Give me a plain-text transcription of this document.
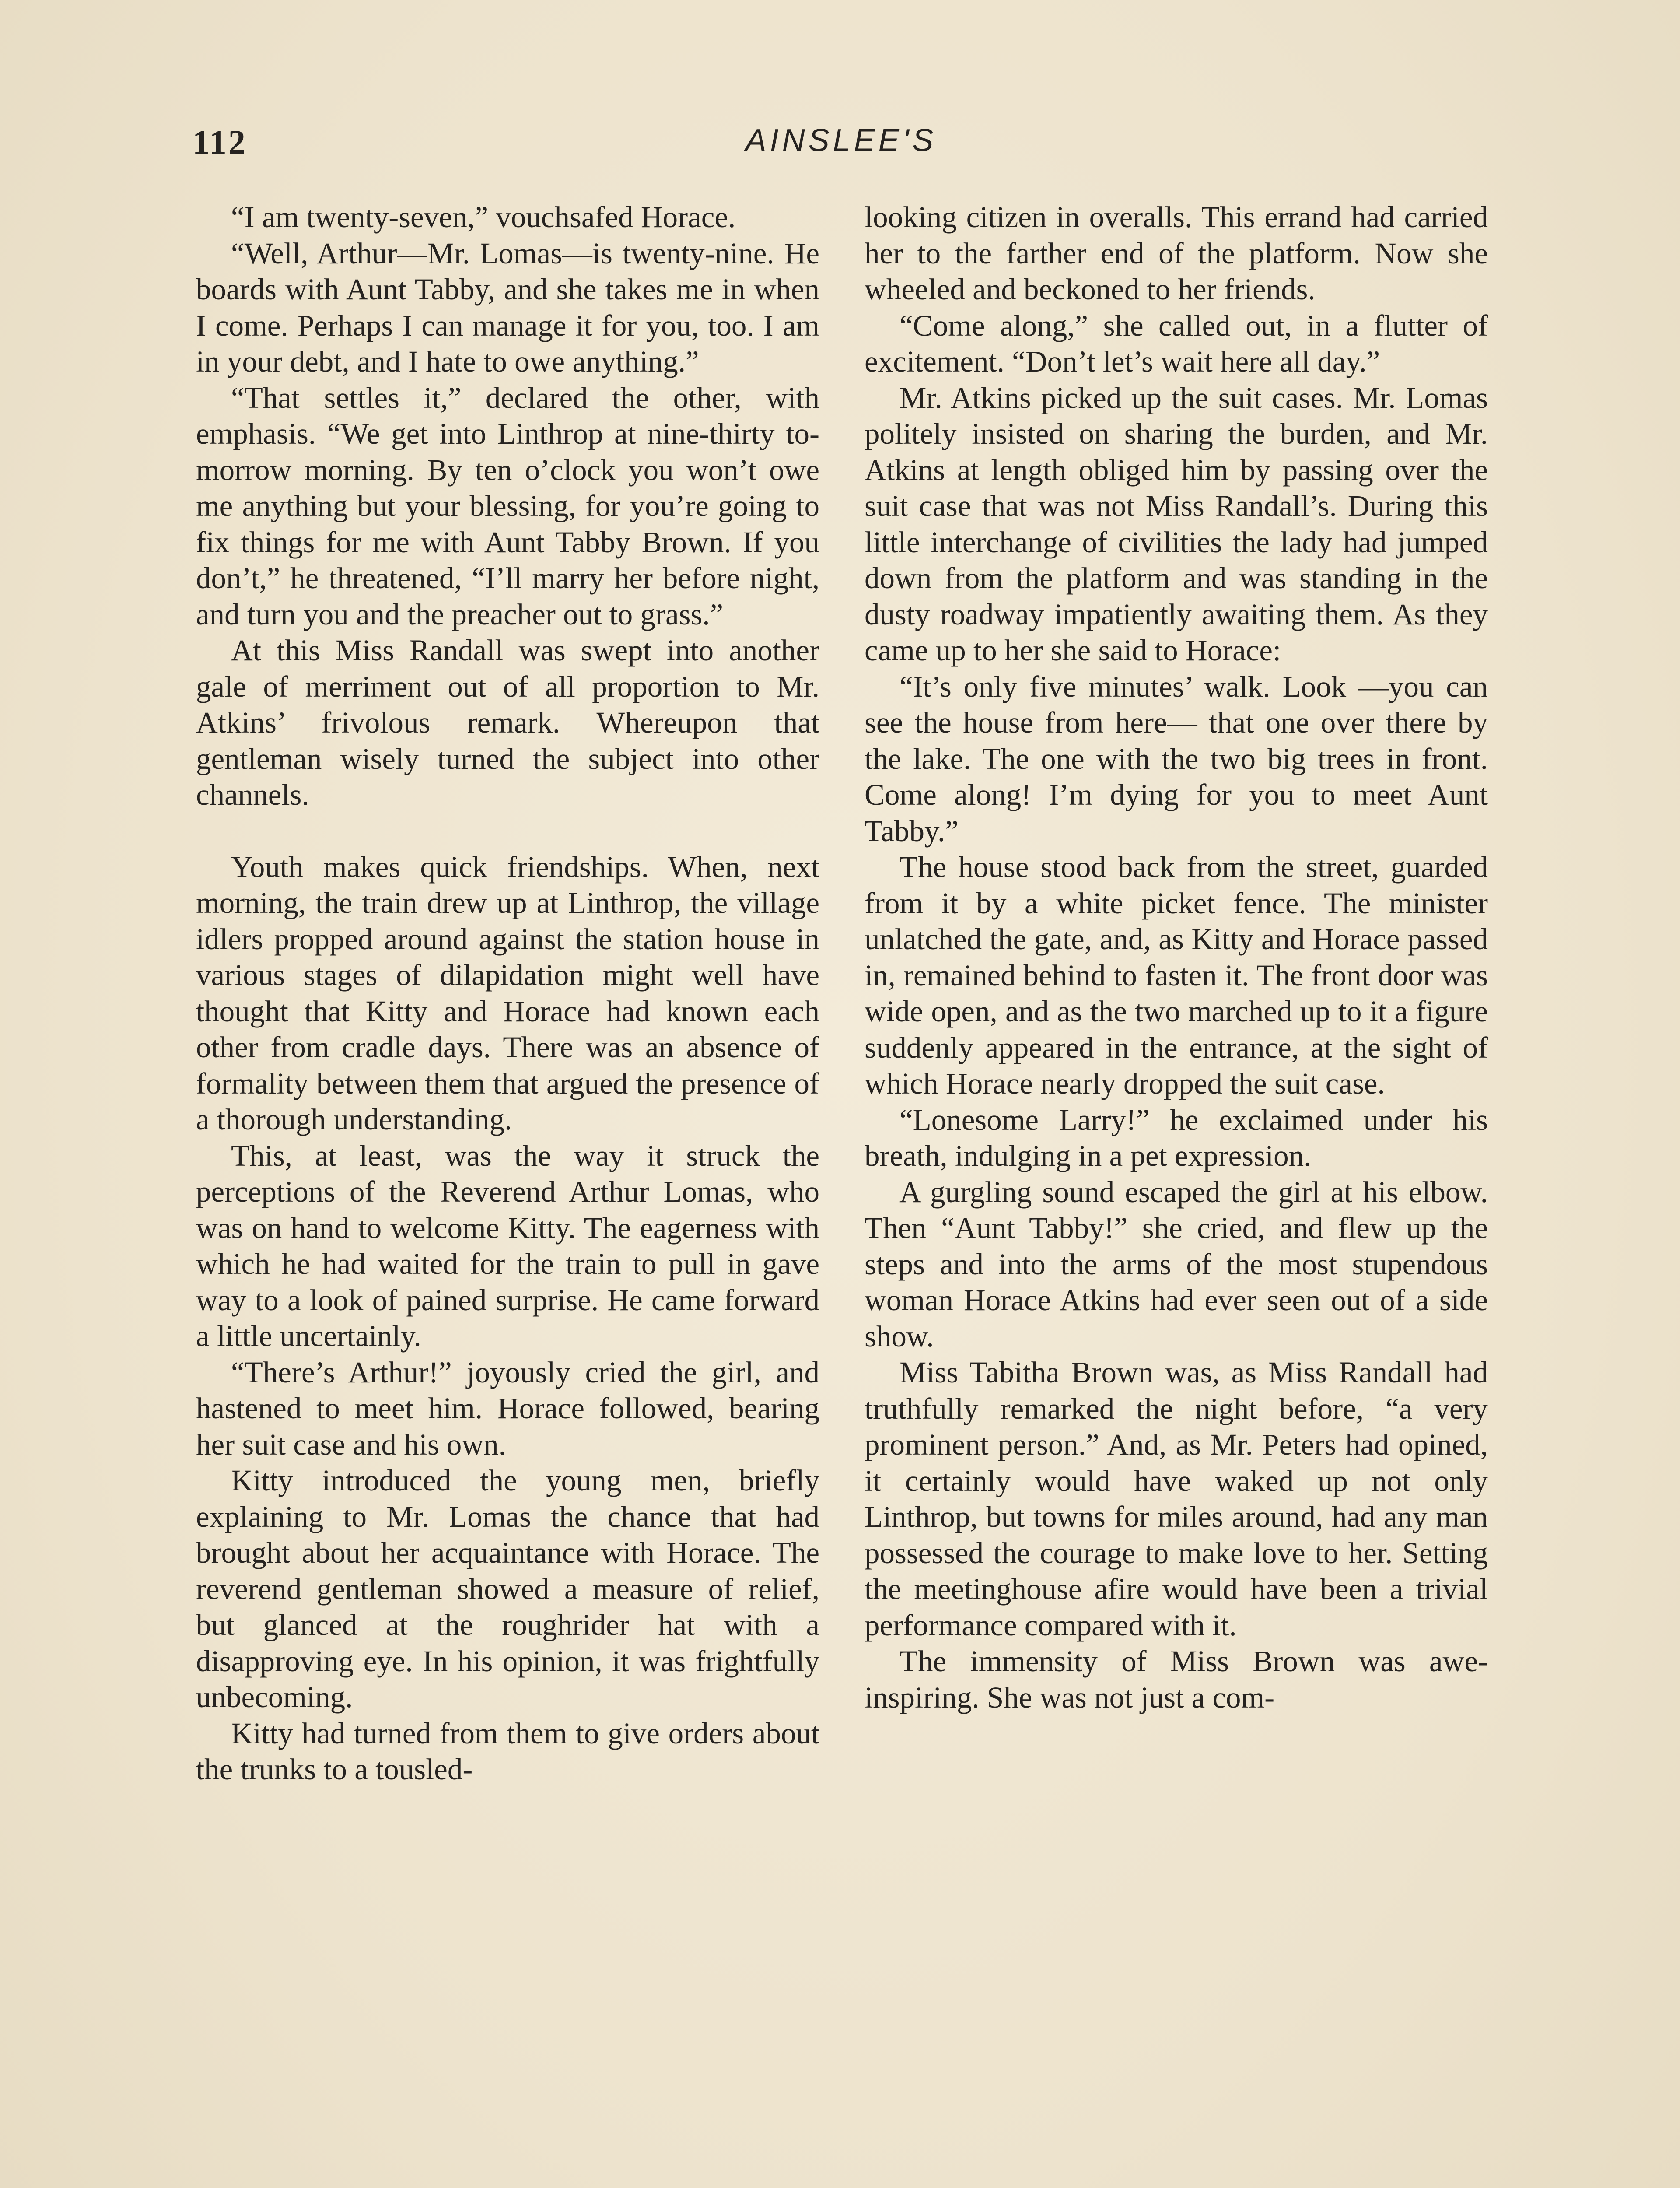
112	AINSLEE'S

“I am twenty-seven,” vouchsafed Horace.

“Well, Arthur—Mr. Lomas—is twenty-nine. He boards with Aunt Tabby, and she takes me in when I come. Perhaps I can manage it for you, too. I am in your debt, and I hate to owe anything.”

“That settles it,” declared the other, with emphasis. “We get into Linthrop at nine-thirty to-morrow morning. By ten o’clock you won’t owe me anything but your blessing, for you’re going to fix things for me with Aunt Tabby Brown. If you don’t,” he threatened, “I’ll marry her before night, and turn you and the preacher out to grass.”

At this Miss Randall was swept into another gale of merriment out of all proportion to Mr. Atkins’ frivolous remark. Whereupon that gentleman wisely turned the subject into other channels.

Youth makes quick friendships. When, next morning, the train drew up at Linthrop, the village idlers propped around against the station house in various stages of dilapidation might well have thought that Kitty and Horace had known each other from cradle days. There was an absence of formality between them that argued the presence of a thorough understanding.

This, at least, was the way it struck the perceptions of the Reverend Arthur Lomas, who was on hand to welcome Kitty. The eagerness with which he had waited for the train to pull in gave way to a look of pained surprise. He came forward a little uncertainly.

“There’s Arthur!” joyously cried the girl, and hastened to meet him. Horace followed, bearing her suit case and his own.

Kitty introduced the young men, briefly explaining to Mr. Lomas the chance that had brought about her acquaintance with Horace. The reverend gentleman showed a measure of relief, but glanced at the roughrider hat with a disapproving eye. In his opinion, it was frightfully unbecoming.

Kitty had turned from them to give orders about the trunks to a tousled-

looking citizen in overalls. This errand had carried her to the farther end of the platform. Now she wheeled and beckoned to her friends.

“Come along,” she called out, in a flutter of excitement. “Don’t let’s wait here all day.”

Mr. Atkins picked up the suit cases. Mr. Lomas politely insisted on sharing the burden, and Mr. Atkins at length obliged him by passing over the suit case that was not Miss Randall’s. During this little interchange of civilities the lady had jumped down from the platform and was standing in the dusty roadway impatiently awaiting them. As they came up to her she said to Horace:

“It’s only five minutes’ walk. Look —you can see the house from here— that one over there by the lake. The one with the two big trees in front. Come along! I’m dying for you to meet Aunt Tabby.”

The house stood back from the street, guarded from it by a white picket fence. The minister unlatched the gate, and, as Kitty and Horace passed in, remained behind to fasten it. The front door was wide open, and as the two marched up to it a figure suddenly appeared in the entrance, at the sight of which Horace nearly dropped the suit case.

“Lonesome Larry!” he exclaimed under his breath, indulging in a pet expression.

A gurgling sound escaped the girl at his elbow. Then “Aunt Tabby!” she cried, and flew up the steps and into the arms of the most stupendous woman Horace Atkins had ever seen out of a side show.

Miss Tabitha Brown was, as Miss Randall had truthfully remarked the night before, “a very prominent person.” And, as Mr. Peters had opined, it certainly would have waked up not only Linthrop, but towns for miles around, had any man possessed the courage to make love to her. Setting the meetinghouse afire would have been a trivial performance compared with it.

The immensity of Miss Brown was awe-inspiring. She was not just a com-
